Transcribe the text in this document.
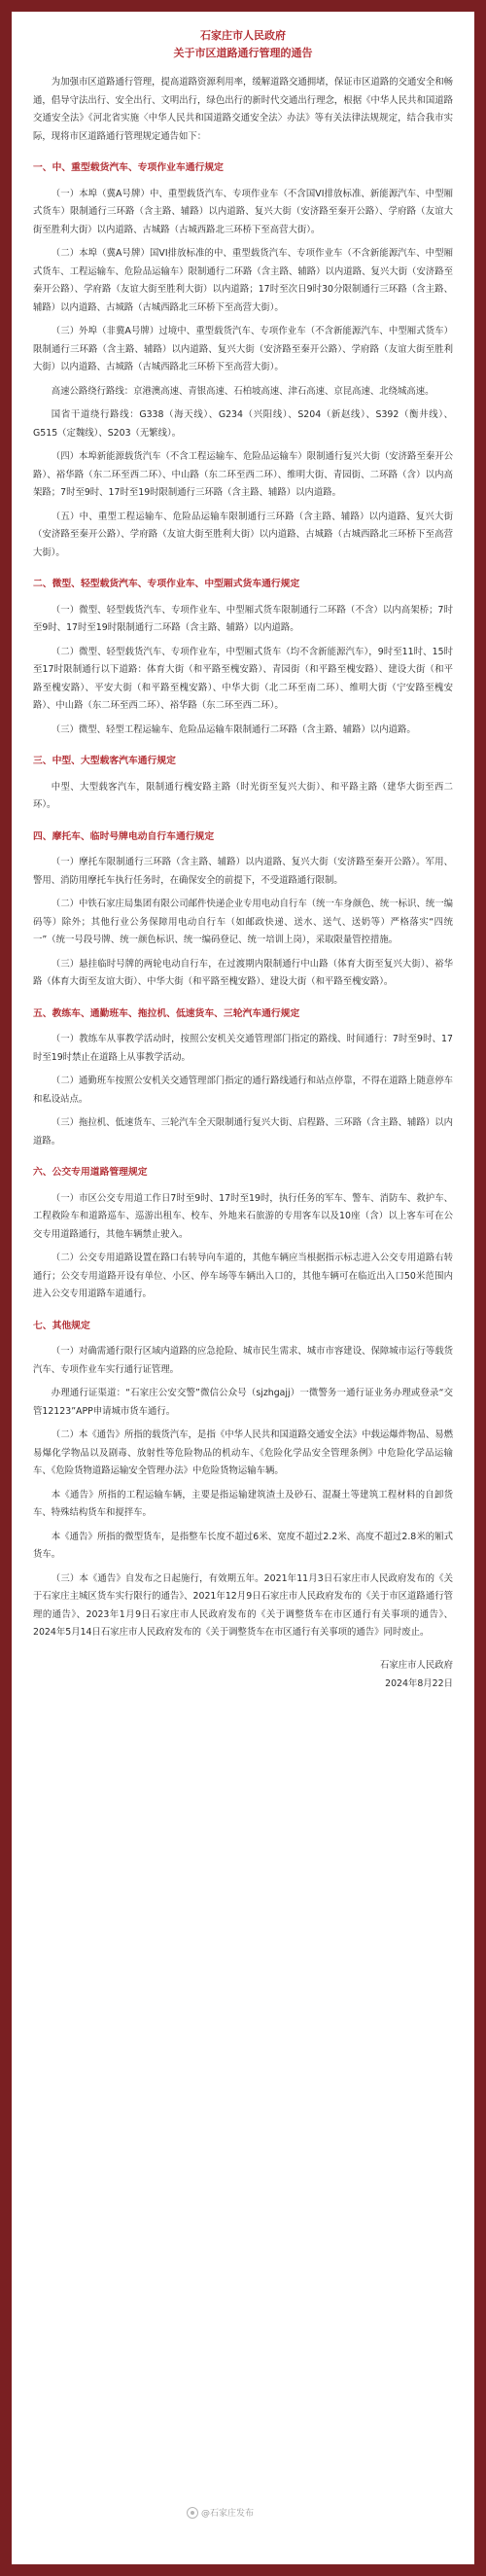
石家庄市人民政府
关于市区道路通行管理的通告

为加强市区道路通行管理，提高道路资源利用率，缓解道路交通拥堵，保证市区道路的交通安全和畅通，倡导守法出行、安全出行、文明出行，绿色出行的新时代交通出行理念，根据《中华人民共和国道路交通安全法》《河北省实施〈中华人民共和国道路交通安全法〉办法》等有关法律法规规定，结合我市实际，现将市区道路通行管理规定通告如下：

一、中、重型载货汽车、专项作业车通行规定

（一）本埠（冀A号牌）中、重型载货汽车、专项作业车（不含国VI排放标准、新能源汽车、中型厢式货车）限制通行三环路（含主路、辅路）以内道路、复兴大街（安济路至秦开公路）、学府路（友谊大街至胜利大街）以内道路、古城路（古城西路北三环桥下至高营大街）。

（二）本埠（冀A号牌）国VI排放标准的中、重型载货汽车、专项作业车（不含新能源汽车、中型厢式货车、工程运输车、危险品运输车）限制通行二环路（含主路、辅路）以内道路、复兴大街（安济路至秦开公路）、学府路（友谊大街至胜利大街）以内道路；17时至次日9时30分限制通行三环路（含主路、辅路）以内道路、古城路（古城西路北三环桥下至高营大街）。

（三）外埠（非冀A号牌）过境中、重型载货汽车、专项作业车（不含新能源汽车、中型厢式货车）限制通行三环路（含主路、辅路）以内道路、复兴大街（安济路至秦开公路）、学府路（友谊大街至胜利大街）以内道路、古城路（古城西路北三环桥下至高营大街）。

高速公路绕行路线：京港澳高速、青银高速、石柏坡高速、津石高速、京昆高速、北绕城高速。

国省干道绕行路线：G338（海天线）、G234（兴阳线）、S204（新赵线）、S392（衡井线）、G515（定魏线）、S203（无繁线）。

（四）本埠新能源载货汽车（不含工程运输车、危险品运输车）限制通行复兴大街（安济路至秦开公路）、裕华路（东二环至西二环）、中山路（东二环至西二环）、维明大街、青园街、二环路（含）以内高架路；7时至9时、17时至19时限制通行三环路（含主路、辅路）以内道路。

（五）中、重型工程运输车、危险品运输车限制通行三环路（含主路、辅路）以内道路、复兴大街（安济路至秦开公路）、学府路（友谊大街至胜利大街）以内道路、古城路（古城西路北三环桥下至高营大街）。

二、微型、轻型载货汽车、专项作业车、中型厢式货车通行规定

（一）微型、轻型载货汽车、专项作业车、中型厢式货车限制通行二环路（不含）以内高架桥；7时至9时、17时至19时限制通行二环路（含主路、辅路）以内道路。

（二）微型、轻型载货汽车、专项作业车，中型厢式货车（均不含新能源汽车），9时至11时、15时至17时限制通行以下道路：体育大街（和平路至槐安路）、青园街（和平路至槐安路）、建设大街（和平路至槐安路）、平安大街（和平路至槐安路）、中华大街（北二环至南二环）、维明大街（宁安路至槐安路）、中山路（东二环至西二环）、裕华路（东二环至西二环）。

（三）微型、轻型工程运输车、危险品运输车限制通行二环路（含主路、辅路）以内道路。

三、中型、大型载客汽车通行规定

中型、大型载客汽车，限制通行槐安路主路（时光街至复兴大街）、和平路主路（建华大街至西二环）。

四、摩托车、临时号牌电动自行车通行规定

（一）摩托车限制通行三环路（含主路、辅路）以内道路、复兴大街（安济路至秦开公路）。军用、警用、消防用摩托车执行任务时，在确保安全的前提下，不受道路通行限制。

（二）中铁石家庄局集团有限公司邮件快递企业专用电动自行车（统一车身颜色、统一标识、统一编码等）除外；其他行业公务保障用电动自行车（如邮政快递、送水、送气、送奶等）严格落实“四统一”（统一号段号牌、统一颜色标识、统一编码登记、统一培训上岗），采取限量管控措施。

（三）悬挂临时号牌的两轮电动自行车，在过渡期内限制通行中山路（体育大街至复兴大街）、裕华路（体育大街至友谊大街）、中华大街（和平路至槐安路）、建设大街（和平路至槐安路）。

五、教练车、通勤班车、拖拉机、低速货车、三轮汽车通行规定

（一）教练车从事教学活动时，按照公安机关交通管理部门指定的路线、时间通行：7时至9时、17时至19时禁止在道路上从事教学活动。

（二）通勤班车按照公安机关交通管理部门指定的通行路线通行和站点停靠，不得在道路上随意停车和私设站点。

（三）拖拉机、低速货车、三轮汽车全天限制通行复兴大街、启程路、三环路（含主路、辅路）以内道路。

六、公交专用道路管理规定

（一）市区公交专用道工作日7时至9时、17时至19时，执行任务的军车、警车、消防车、救护车、工程救险车和道路巡车、巡游出租车、校车、外地来石旅游的专用客车以及10座（含）以上客车可在公交专用道路通行，其他车辆禁止驶入。

（二）公交专用道路设置在路口右转导向车道的，其他车辆应当根据指示标志进入公交专用道路右转通行；公交专用道路开设有单位、小区、停车场等车辆出入口的，其他车辆可在临近出入口50米范围内进入公交专用道路车道通行。

七、其他规定

（一）对确需通行限行区域内道路的应急抢险、城市民生需求、城市市容建设、保障城市运行等载货汽车、专项作业车实行通行证管理。

办理通行证渠道：“石家庄公安交警”微信公众号（sjzhgajj）一微警务一通行证业务办理或登录“交管12123”APP申请城市货车通行。

（二）本《通告》所指的载货汽车，是指《中华人民共和国道路交通安全法》中载运爆炸物品、易燃易爆化学物品以及剧毒、放射性等危险物品的机动车、《危险化学品安全管理条例》中危险化学品运输车、《危险货物道路运输安全管理办法》中危险货物运输车辆。

本《通告》所指的工程运输车辆，主要是指运输建筑渣土及砂石、混凝土等建筑工程材料的自卸货车、特殊结构货车和搅拌车。

本《通告》所指的微型货车，是指整车长度不超过6米、宽度不超过2.2米、高度不超过2.8米的厢式货车。

（三）本《通告》自发布之日起施行，有效期五年。2021年11月3日石家庄市人民政府发布的《关于石家庄主城区货车实行限行的通告》、2021年12月9日石家庄市人民政府发布的《关于市区道路通行管理的通告》、2023年1月9日石家庄市人民政府发布的《关于调整货车在市区通行有关事项的通告》、2024年5月14日石家庄市人民政府发布的《关于调整货车在市区通行有关事项的通告》同时废止。

石家庄市人民政府
2024年8月22日
@石家庄发布
